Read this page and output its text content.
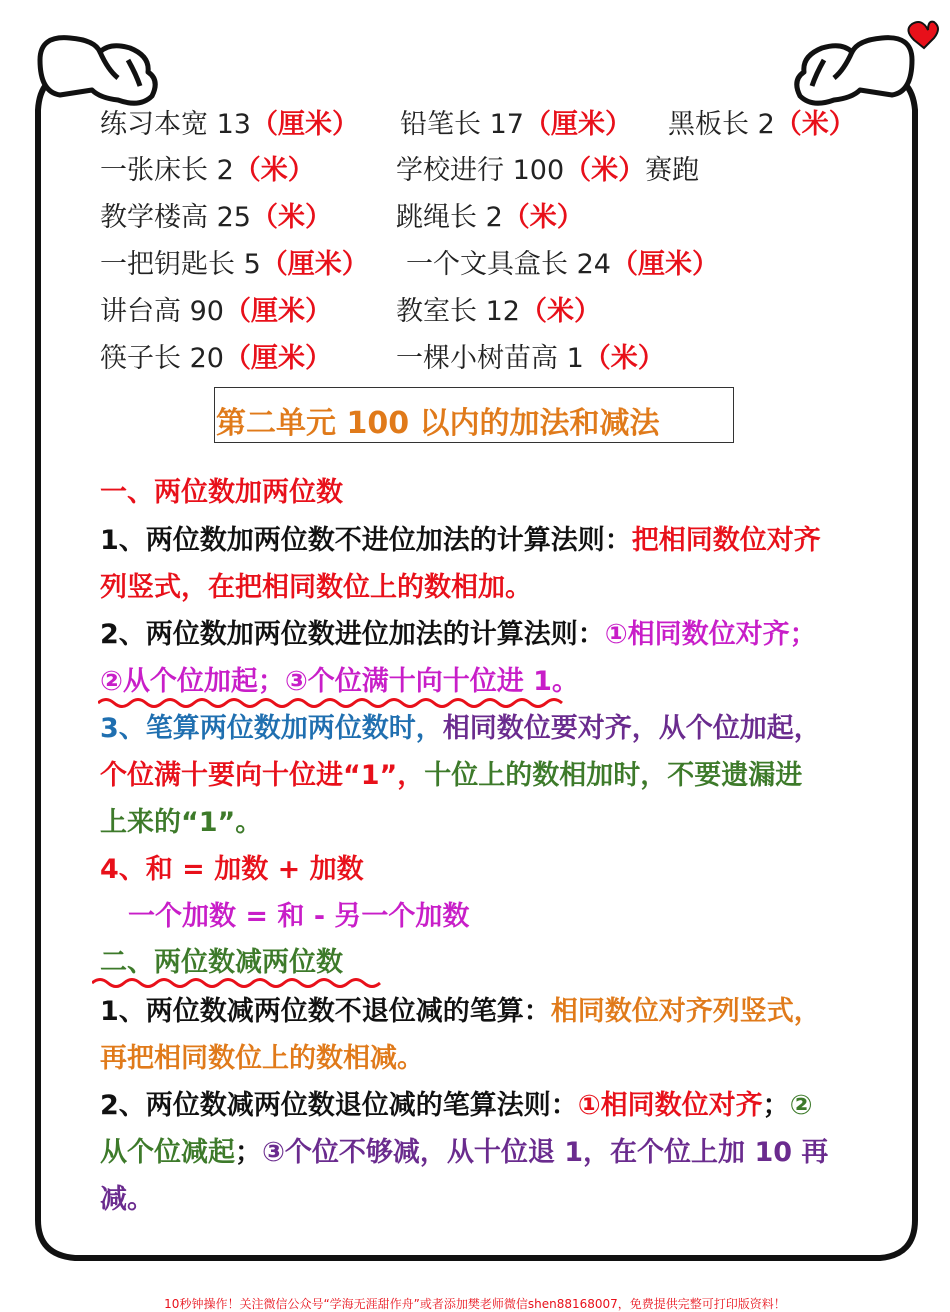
练习本宽 13（厘米） 铅笔长 17（厘米） 黑板长 2（米）
一张床长 2（米）	学校进行 100（米）赛跑
教学楼高 25（米） 跳绳长 2（米）
一把钥匙长 5（厘米） 一个文具盒长 24（厘米）
讲台高 90（厘米） 教室长 12（米）
筷子长 20（厘米） 一棵小树苗高 1（米）
第二单元 100 以内的加法和减法
一、两位数加两位数
1、两位数加两位数不进位加法的计算法则：把相同数位对齐
列竖式，在把相同数位上的数相加。
2、两位数加两位数进位加法的计算法则：①相同数位对齐；
②从个位加起；③个位满十向十位进 1。
3、笔算两位数加两位数时，相同数位要对齐，从个位加起，
个位满十要向十位进“1”，十位上的数相加时，不要遗漏进
上来的“1”。
4、和 = 加数 + 加数
一个加数 = 和 - 另一个加数
二、两位数减两位数
1、两位数减两位数不退位减的笔算：相同数位对齐列竖式，
再把相同数位上的数相减。
2、两位数减两位数退位减的笔算法则：①相同数位对齐；②
从个位减起；③个位不够减，从十位退 1，在个位上加 10 再
减。
10秒钟操作！关注微信公众号“学海无涯甜作舟”或者添加樊老师微信shen88168007，免费提供完整可打印版资料！
